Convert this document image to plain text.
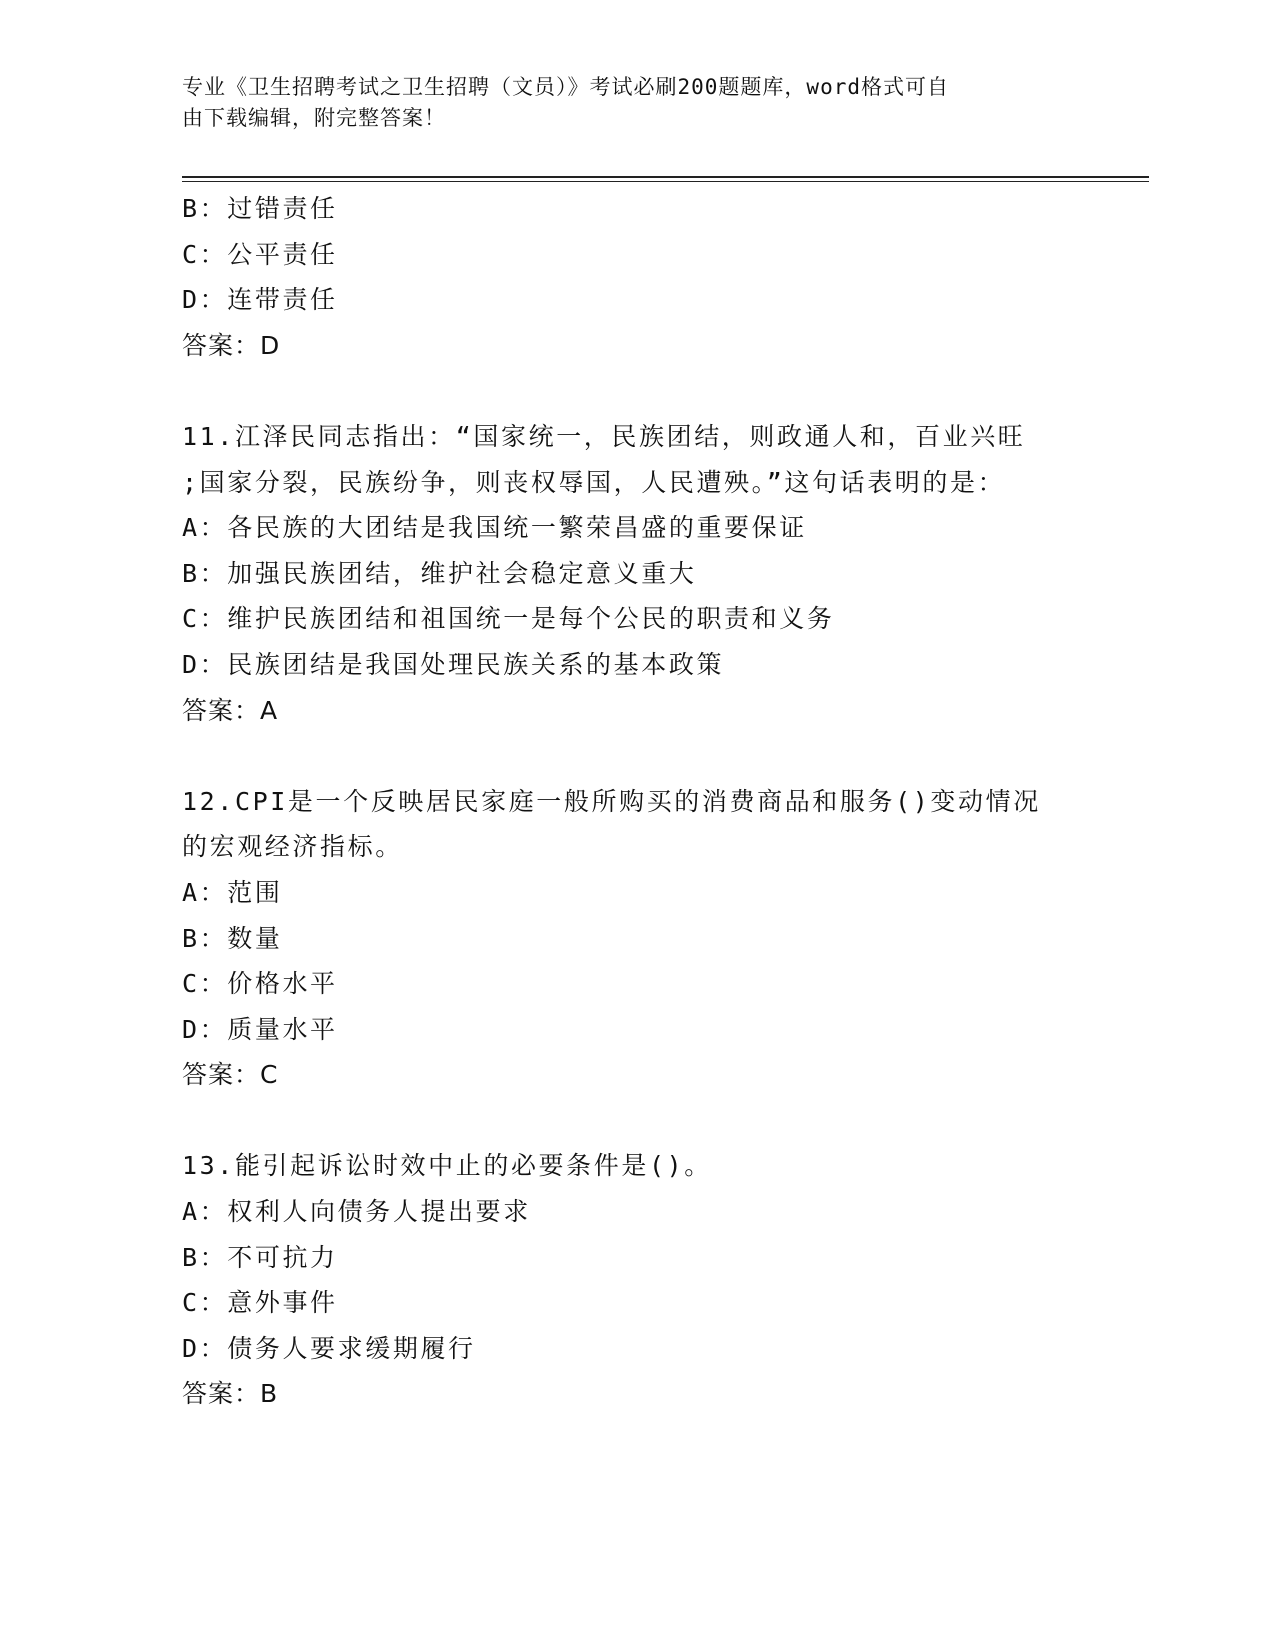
专业《卫生招聘考试之卫生招聘（文员）》考试必刷200题题库，word格式可自
由下载编辑，附完整答案！
B：过错责任
C：公平责任
D：连带责任
答案：D
11.江泽民同志指出：“国家统一，民族团结，则政通人和，百业兴旺
;国家分裂，民族纷争，则丧权辱国，人民遭殃。”这句话表明的是：
A：各民族的大团结是我国统一繁荣昌盛的重要保证
B：加强民族团结，维护社会稳定意义重大
C：维护民族团结和祖国统一是每个公民的职责和义务
D：民族团结是我国处理民族关系的基本政策
答案：A
12.CPI是一个反映居民家庭一般所购买的消费商品和服务()变动情况
的宏观经济指标。
A：范围
B：数量
C：价格水平
D：质量水平
答案：C
13.能引起诉讼时效中止的必要条件是()。
A：权利人向债务人提出要求
B：不可抗力
C：意外事件
D：债务人要求缓期履行
答案：B
